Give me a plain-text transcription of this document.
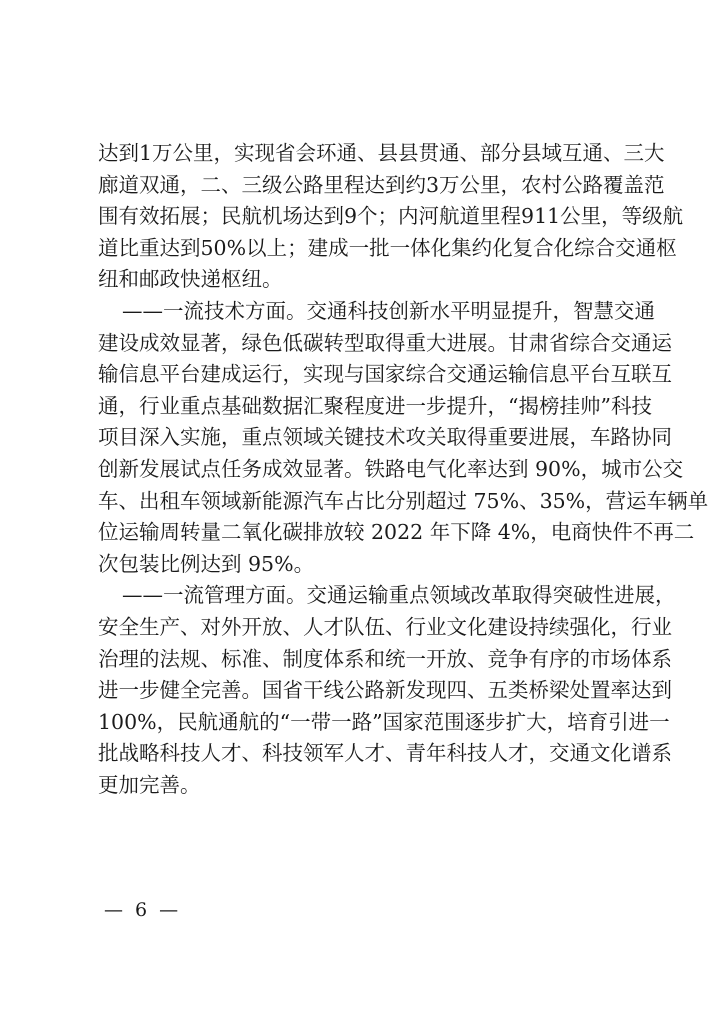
达到1万公里，实现省会环通、县县贯通、部分县域互通、三大
廊道双通，二、三级公路里程达到约3万公里，农村公路覆盖范
围有效拓展；民航机场达到9个；内河航道里程911公里，等级航
道比重达到50%以上；建成一批一体化集约化复合化综合交通枢
纽和邮政快递枢纽。
——一流技术方面。交通科技创新水平明显提升，智慧交通
建设成效显著，绿色低碳转型取得重大进展。甘肃省综合交通运
输信息平台建成运行，实现与国家综合交通运输信息平台互联互
通，行业重点基础数据汇聚程度进一步提升，“揭榜挂帅”科技
项目深入实施，重点领域关键技术攻关取得重要进展，车路协同
创新发展试点任务成效显著。铁路电气化率达到 90%，城市公交
车、出租车领域新能源汽车占比分别超过 75%、35%，营运车辆单
位运输周转量二氧化碳排放较 2022 年下降 4%，电商快件不再二
次包装比例达到 95%。
——一流管理方面。交通运输重点领域改革取得突破性进展，
安全生产、对外开放、人才队伍、行业文化建设持续强化，行业
治理的法规、标准、制度体系和统一开放、竞争有序的市场体系
进一步健全完善。国省干线公路新发现四、五类桥梁处置率达到
100%，民航通航的“一带一路”国家范围逐步扩大，培育引进一
批战略科技人才、科技领军人才、青年科技人才，交通文化谱系
更加完善。
— 6 —
